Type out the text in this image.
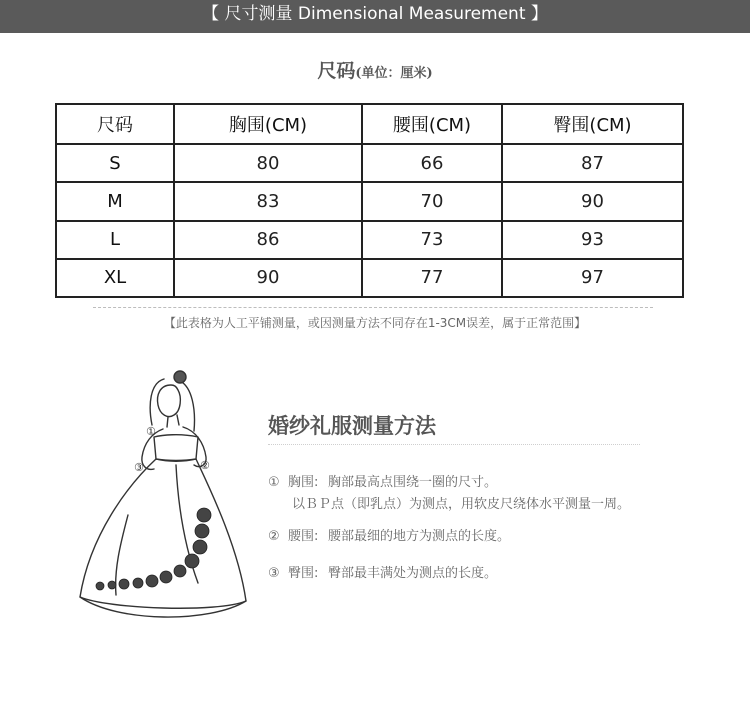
【 尺寸测量 Dimensional Measurement 】
尺码(单位：厘米)
尺码	胸围(CM)	腰围(CM)	臀围(CM)
S	80	66	87
M	83	70	90
L	86	73	93
XL	90	77	97
【此表格为人工平铺测量，或因测量方法不同存在1-3CM误差，属于正常范围】
①
②
③
婚纱礼服测量方法
① 胸围: 胸部最高点围绕一圈的尺寸。
以ＢＰ点（即乳点）为测点，用软皮尺绕体水平测量一周。
② 腰围: 腰部最细的地方为测点的长度。
③ 臀围: 臀部最丰满处为测点的长度。
